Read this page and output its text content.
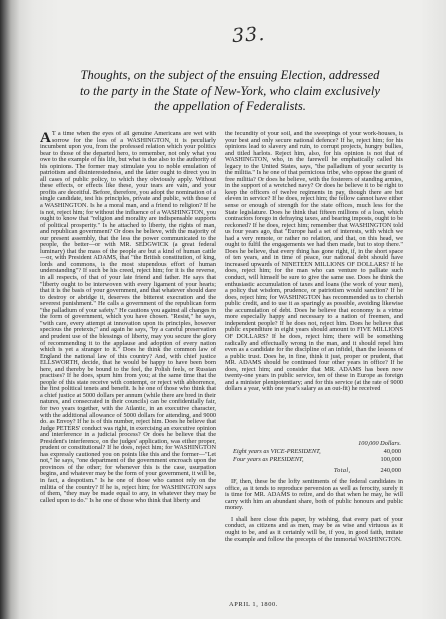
33.
Thoughts, on the subject of the ensuing Election, addressed
to the party in the State of New-York, who claim exclusively
the appellation of Federalists.
A T a time when the eyes of all genuine Americans are wet with sorrow for the loss of a WASHINGTON, it is peculiarly incumbent upon you, from the professed relation which your politics bear to those of the departed hero, to remember, not only what you owe to the example of his life, but what is due also to the authority of his opinions. The former may stimulate you to noble emulation of patriotism and disinterestedness, and the latter ought to direct you in all cases of public policy, to which they obviously apply. Without these effects, or effects like these, your tears are vain, and your profits are deceitful. Before, therefore, you adopt the nomination of a single candidate, test his principles, private and public, with those of a WASHINGTON. Is he a moral man, and a friend to religion? If he is not, reject him; for without the influence of a WASHINGTON, you ought to know that "religion and morality are indispensable supports of political prosperity." Is he attached to liberty, the rights of man, and republican government? Or does he believe, with the majority of our present assembly, that the less the power communicated to the people, the better—or with MR. SEDGWICK (a great federal luminary) that the mass of the people are but a kind of human cattle—or, with President ADAMS, that "the British constitution, of king, lords and commons, is the most stupendous effort of human understanding"? If such be his creed, reject him; for it is the reverse, in all respects, of that of your late friend and father. He says that "liberty ought to be interwoven with every ligament of your hearts; that it is the basis of your government, and that whatever should dare to destroy or abridge it, deserves the bitterest execration and the severest punishment." He calls a government of the republican form "the palladium of your safety." He cautions you against all changes in the form of government, which you have chosen. "Resist," he says, "with care, every attempt at innovation upon its principles, however specious the pretexts;" and again he says, "by a careful preservation and prudent use of the blessings of liberty, may you secure the glory of recommending it to the applause and adoption of every nation which is yet a stranger to it." Does he think the common law of England the national law of this country? And, with chief justice ELLSWORTH, decide, that he would be happy to have been born here, and thereby be bound to the feel, the Polish feels, or Russian practises? If he does, spurn him from you; at the same time that the people of this state receive with contempt, or reject with abhorrence, the first political tenets and benefit. Is he one of those who think that a chief justice at 5000 dollars per annum (while there are bred in their natures, and consecrated in their councils) can be confidentially fair, for two years together, with the Atlantic, in an executive character, with the additional allowance of 5000 dollars for attending, and 9000 do. as Envoy? If he is of this number, reject him. Does he believe that Judge PETERS' conduct was right, in exercising an executive opinion and interference in a judicial process? Or does he believe that the President's interference, on the judges' application, was either proper, prudent or constitutional? If he does, reject him; for WASHINGTON has expressly cautioned you on points like this and the former—"Let not," he says, "one department of the government encroach upon the provinces of the other; for whenever this is the case, usurpation begins, and whatever may be the form of your government, it will be, in fact, a despotism." Is he one of those who cannot rely on the militia of the country? If he is, reject him; for WASHINGTON says of them, "they may be made equal to any, in whatever they may be called upon to do." Is he one of those who think that liberty and

the fecundity of your soil, and the sweepings of your work-houses, is your best and only secure national defence? If he, reject him; for his opinions lead to slavery and ruin, to corrupt projects, hungry bullies, and titled harlots. Reject him, also, for his opinion is not that of WASHINGTON, who, in the farewell he emphatically called his legacy to the United States, says, "the palladium of your security is the militia." Is he one of that pernicious tribe, who oppose the grant of free militia? Or does he believe, with the fosterers of standing armies, in the support of a wretched navy? Or does he believe it to be right to keep the officers of twelve regiments in pay, though there are but eleven in service? If he does, reject him; the fellow cannot have either sense or enough of strength for the state offices, much less for the State legislature. Does he think that fifteen millions of a loan, which contractors forego in defraying taxes, and bearing imposts, ought to be reckoned? If he does, reject him; remember that WASHINGTON told us four years ago, that "Europe had a set of interests, with which we had a very remote, or rather no relation, and that, on this head, we ought to fulfil the engagements we had then made, but to stop there." Does he believe, that every thing has gone right, if, in the short space of ten years, and in time of peace, our national debt should have increased upwards of NINETEEN MILLIONS OF DOLLARS? If he does, reject him; for the man who can venture to palliate such conduct, will himself be sure to give the same use. Does he think the enthusiastic accumulation of taxes and loans (the work of your men), a policy that wisdom, prudence, or patriotism would sanction? If he does, reject him; for WASHINGTON has recommended us to cherish public credit, and to use it as sparingly as possible, avoiding likewise the accumulation of debt. Does he believe that economy is a virtue more especially happy and necessary to a nation of freemen, and independent people? If he does not, reject him. Does he believe that public expenditure in eight years should amount to FIVE MILLIONS OF DOLLARS? If he does, reject him; there will be something radically and effectually wrong in the man, and it should repel him even as a candidate for the discipline of an infidel, than the lessons of a public trust. Does he, in fine, think it just, proper or prudent, that MR. ADAMS should be continued four other years in office? If he does, reject him; and consider that MR. ADAMS has been now twenty-one years in public service, ten of these in Europe as foreign and a minister plenipotentiary; and for this service (at the rate of 9000 dollars a year, with one year's salary as an out-fit) he received

100,000 Dollars.
Eight years as VICE-PRESIDENT,	40,000
Four years as PRESIDENT,	100,000
Total,	240,000

IF, then, these be the lofty sentiments of the federal candidates in office, as it tends to reproduce perversion as well as ferocity, surely it is time for MR. ADAMS to retire, and do that when he may, he will carry with him an abundant share, both of public honours and public money.

I shall here close this paper, by wishing, that every part of your conduct, as citizens and as men, may be as wise and virtuous as it ought to be, and as it certainly will be, if you, in good faith, imitate the example and follow the precepts of the immortal WASHINGTON.

APRIL 1, 1800.
